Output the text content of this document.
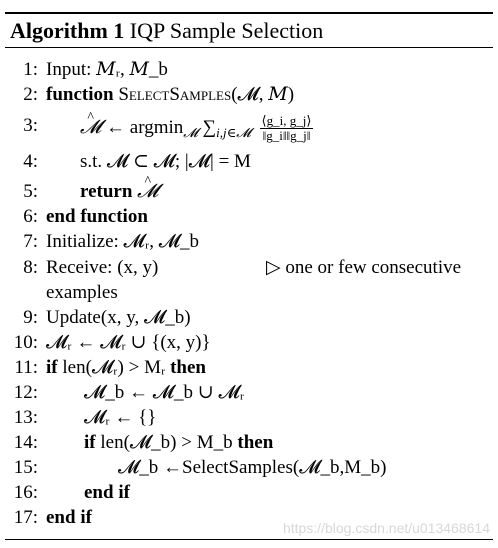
Algorithm 1 IQP Sample Selection
1: Input: 𝑀ᵣ, 𝑀_b
2: function SelectSamples(𝓜, 𝑀)
3: ^ 𝓜 ← argmin$_𝓜$ $\sum_{i,j\in 𝓜} \frac{⟨g\_i, g\_j⟩}{‖g\_i‖‖g\_j‖}$
4: s.t. 𝓜 ⊂ 𝓜; |𝓜| = M
5: return ^ 𝓜
6: end function
7: Initialize: 𝓜ᵣ, 𝓜_b
8: Receive: (x, y)	▷ one or few consecutive
examples
9: Update(x, y, 𝓜_b)
10: 𝓜ᵣ ← 𝓜ᵣ ∪ {(x, y)}
11: if len(𝓜ᵣ) > Mᵣ then
12: 𝓜_b ← 𝓜_b ∪ 𝓜ᵣ
13: 𝓜ᵣ ← {}
14: if len(𝓜_b) > M_b then
15:	𝓜_b ←SelectSamples(𝓜_b,M_b)
16: end if
17: end if	https://blog.csdn.net/u013468614
